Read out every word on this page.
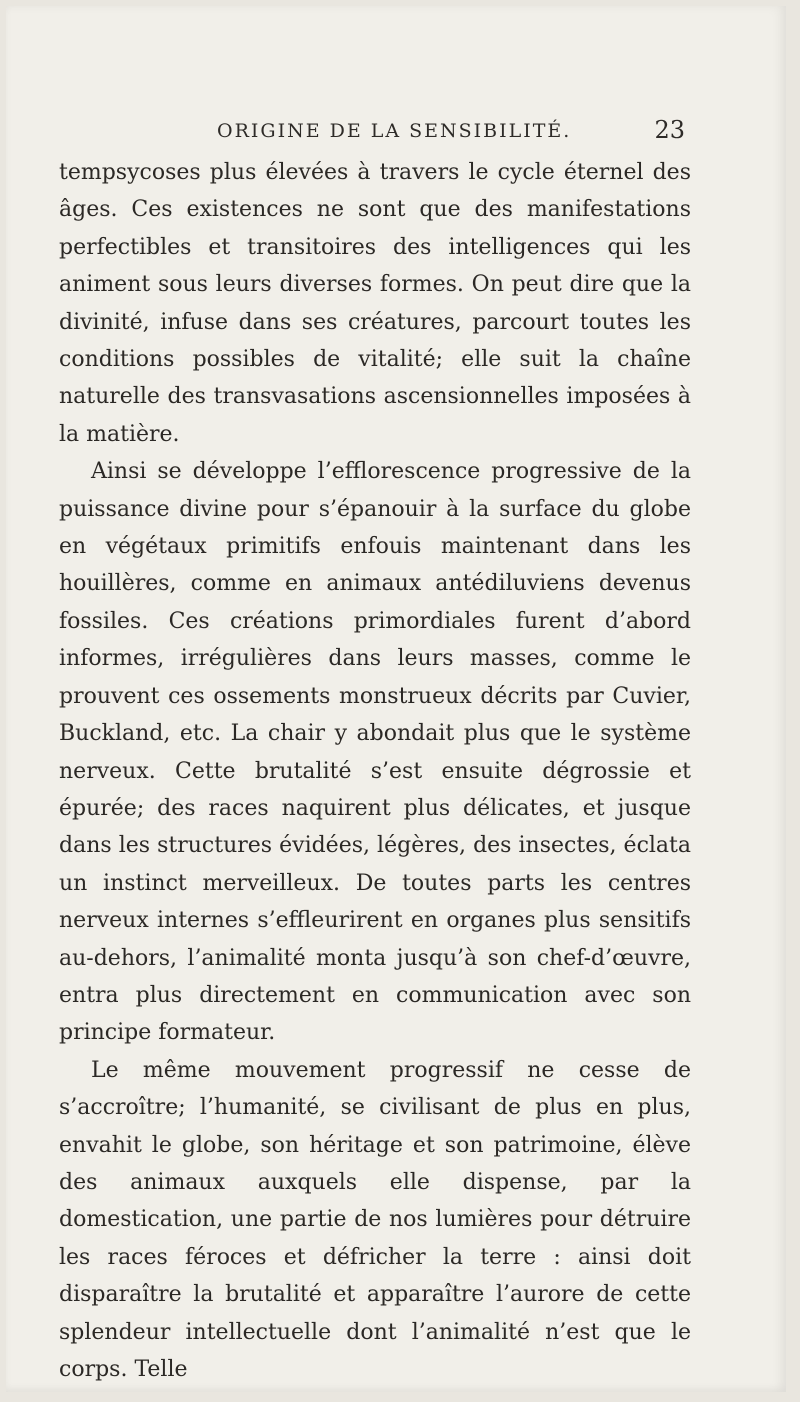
ORIGINE DE LA SENSIBILITÉ.	23

tempsycoses plus élevées à travers le cycle éternel des âges. Ces existences ne sont que des manifestations perfectibles et transitoires des intelligences qui les animent sous leurs diverses formes. On peut dire que la divinité, infuse dans ses créatures, parcourt toutes les conditions possibles de vitalité; elle suit la chaîne naturelle des transvasations ascensionnelles imposées à la matière.

Ainsi se développe l’efflorescence progressive de la puissance divine pour s’épanouir à la surface du globe en végétaux primitifs enfouis maintenant dans les houillères, comme en animaux antédiluviens devenus fossiles. Ces créations primordiales furent d’abord informes, irrégulières dans leurs masses, comme le prouvent ces ossements monstrueux décrits par Cuvier, Buckland, etc. La chair y abondait plus que le système nerveux. Cette brutalité s’est ensuite dégrossie et épurée; des races naquirent plus délicates, et jusque dans les structures évidées, légères, des insectes, éclata un instinct merveilleux. De toutes parts les centres nerveux internes s’effleurirent en organes plus sensitifs au-dehors, l’animalité monta jusqu’à son chef-d’œuvre, entra plus directement en communication avec son principe formateur.

Le même mouvement progressif ne cesse de s’accroître; l’humanité, se civilisant de plus en plus, envahit le globe, son héritage et son patrimoine, élève des animaux auxquels elle dispense, par la domestication, une partie de nos lumières pour détruire les races féroces et défricher la terre : ainsi doit disparaître la brutalité et apparaître l’aurore de cette splendeur intellectuelle dont l’animalité n’est que le corps. Telle
